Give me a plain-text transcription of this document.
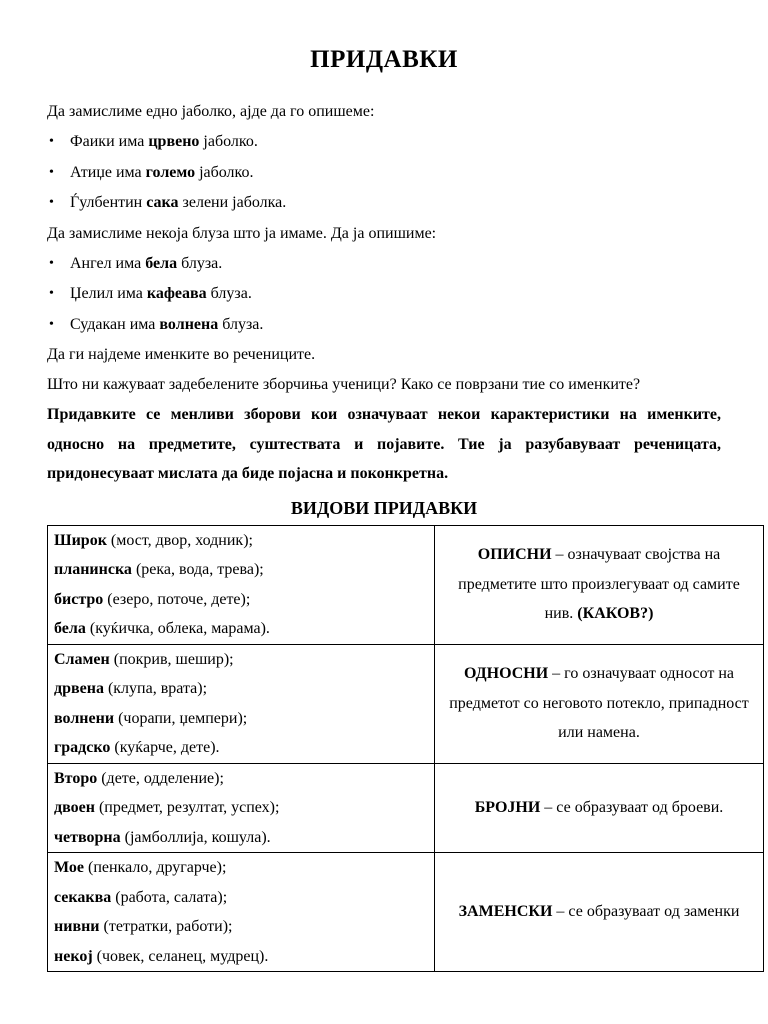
ПРИДАВКИ

Да замислиме едно јаболко, ајде да го опишеме:

• Фаики има црвено јаболко.
• Атиџе има големо јаболко.
• Ѓулбентин сака зелени јаболка.

Да замислиме некоја блуза што ја имаме. Да ја опишиме:

• Ангел има бела блуза.
• Џелил има кафеава блуза.
• Судакан има волнена блуза.

Да ги најдеме именките во речениците.

Што ни кажуваат задебелените зборчиња ученици? Како се поврзани тие со именките?

Придавките се менливи зборови кои означуваат некои карактеристики на именките, односно на предметите, суштествата и појавите. Тие ја разубавуваат реченицата, придонесуваат мислата да биде појасна и поконкретна.

ВИДОВИ ПРИДАВКИ
Широк (мост, двор, ходник);
планинска (река, вода, трева);
бистро (езеро, поточе, дете);
бела (куќичка, облека, марама).	ОПИСНИ – означуваат својства на предметите што произлегуваат од самите нив. (КАКОВ?)

Сламен (покрив, шешир);
дрвена (клупа, врата);
волнени (чорапи, џемпери);
градско (куќарче, дете).	ОДНОСНИ – го означуваат односот на предметот со неговото потекло, припадност или намена.

Второ (дете, одделение);
двоен (предмет, резултат, успех);
четворна (јамболлија, кошула).	БРОЈНИ – се образуваат од броеви.

Мое (пенкало, другарче);
секаква (работа, салата);
нивни (тетратки, работи);
некој (човек, селанец, мудрец).	ЗАМЕНСКИ – се образуваат од заменки
